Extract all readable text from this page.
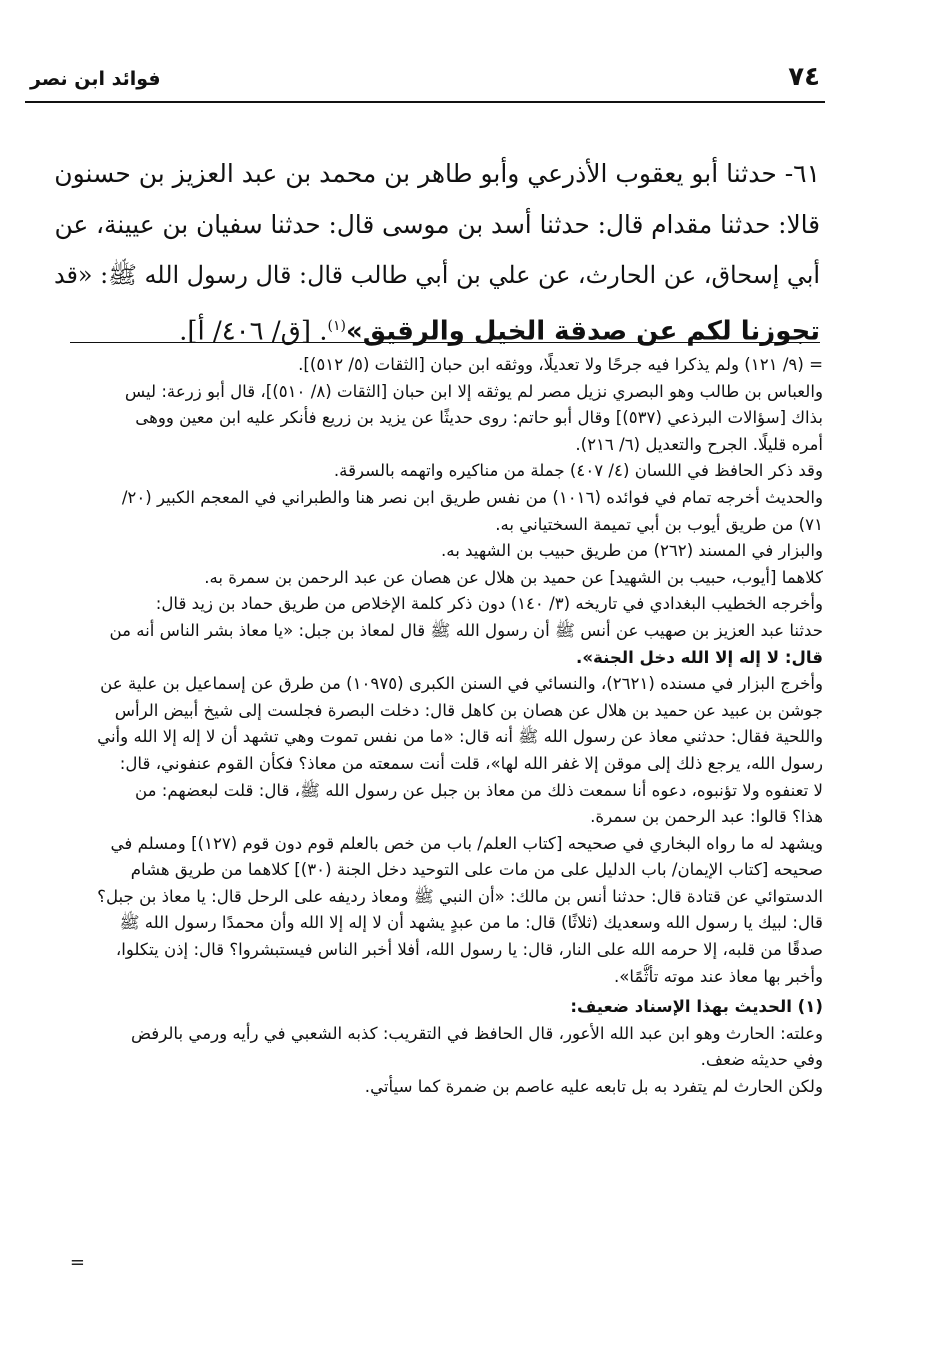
٧٤
فوائد ابن نصر
٦١- حدثنا أبو يعقوب الأذرعي وأبو طاهر بن محمد بن عبد العزيز بن حسنون
قالا: حدثنا مقدام قال: حدثنا أسد بن موسى قال: حدثنا سفيان بن عيينة، عن
أبي إسحاق، عن الحارث، عن علي بن أبي طالب قال: قال رسول الله ﷺ: «قد
تجوزنا لكم عن صدقة الخيل والرقيق»$^{(١)}$. [ق/ ٤٠٦/ أ].
= (٩/ ١٢١) ولم يذكرا فيه جرحًا ولا تعديلًا، ووثقه ابن حبان [الثقات (٥/ ٥١٢)].
والعباس بن طالب وهو البصري نزيل مصر لم يوثقه إلا ابن حبان [الثقات (٨/ ٥١٠)]، قال أبو زرعة: ليس
بذاك [سؤالات البرذعي (٥٣٧)] وقال أبو حاتم: روى حديثًا عن يزيد بن زريع فأنكر عليه ابن معين ووهى
أمره قليلًا. الجرح والتعديل (٦/ ٢١٦).
وقد ذكر الحافظ في اللسان (٤/ ٤٠٧) جملة من مناكيره واتهمه بالسرقة.
والحديث أخرجه تمام في فوائده (١٠١٦) من نفس طريق ابن نصر هنا والطبراني في المعجم الكبير (٢٠/
٧١) من طريق أيوب بن أبي تميمة السختياني به.
والبزار في المسند (٢٦٢) من طريق حبيب بن الشهيد به.
كلاهما [أيوب، حبيب بن الشهيد] عن حميد بن هلال عن هصان عن عبد الرحمن بن سمرة به.
وأخرجه الخطيب البغدادي في تاريخه (٣/ ١٤٠) دون ذكر كلمة الإخلاص من طريق حماد بن زيد قال:
حدثنا عبد العزيز بن صهيب عن أنس ﷺ أن رسول الله ﷺ قال لمعاذ بن جبل: «يا معاذ بشر الناس أنه من
قال: لا إله إلا الله دخل الجنة».
وأخرج البزار في مسنده (٢٦٢١)، والنسائي في السنن الكبرى (١٠٩٧٥) من طرق عن إسماعيل بن علية عن
جوشن بن عبيد عن حميد بن هلال عن هصان بن كاهل قال: دخلت البصرة فجلست إلى شيخ أبيض الرأس
واللحية فقال: حدثني معاذ عن رسول الله ﷺ أنه قال: «ما من نفس تموت وهي تشهد أن لا إله إلا الله وأني
رسول الله، يرجع ذلك إلى موقن إلا غفر الله لها»، قلت أنت سمعته من معاذ؟ فكأن القوم عنفوني، قال:
لا تعنفوه ولا تؤنبوه، دعوه أنا سمعت ذلك من معاذ بن جبل عن رسول الله ﷺ، قال: قلت لبعضهم: من
هذا؟ قالوا: عبد الرحمن بن سمرة.
ويشهد له ما رواه البخاري في صحيحه [كتاب العلم/ باب من خص بالعلم قوم دون قوم (١٢٧)] ومسلم في
صحيحه [كتاب الإيمان/ باب الدليل على من مات على التوحيد دخل الجنة (٣٠)] كلاهما من طريق هشام
الدستوائي عن قتادة قال: حدثنا أنس بن مالك: «أن النبي ﷺ ومعاذ رديفه على الرحل قال: يا معاذ بن جبل؟
قال: لبيك يا رسول الله وسعديك (ثلاثًا) قال: ما من عبدٍ يشهد أن لا إله إلا الله وأن محمدًا رسول الله ﷺ
صدقًا من قلبه، إلا حرمه الله على النار، قال: يا رسول الله، أفلا أخبر الناس فيستبشروا؟ قال: إذن يتكلوا،
وأخبر بها معاذ عند موته تأثُّمًا».
(١) الحديث بهذا الإسناد ضعيف:
وعلته: الحارث وهو ابن عبد الله الأعور، قال الحافظ في التقريب: كذبه الشعبي في رأيه ورمي بالرفض
وفي حديثه ضعف.
ولكن الحارث لم يتفرد به بل تابعه عليه عاصم بن ضمرة كما سيأتي.
=
